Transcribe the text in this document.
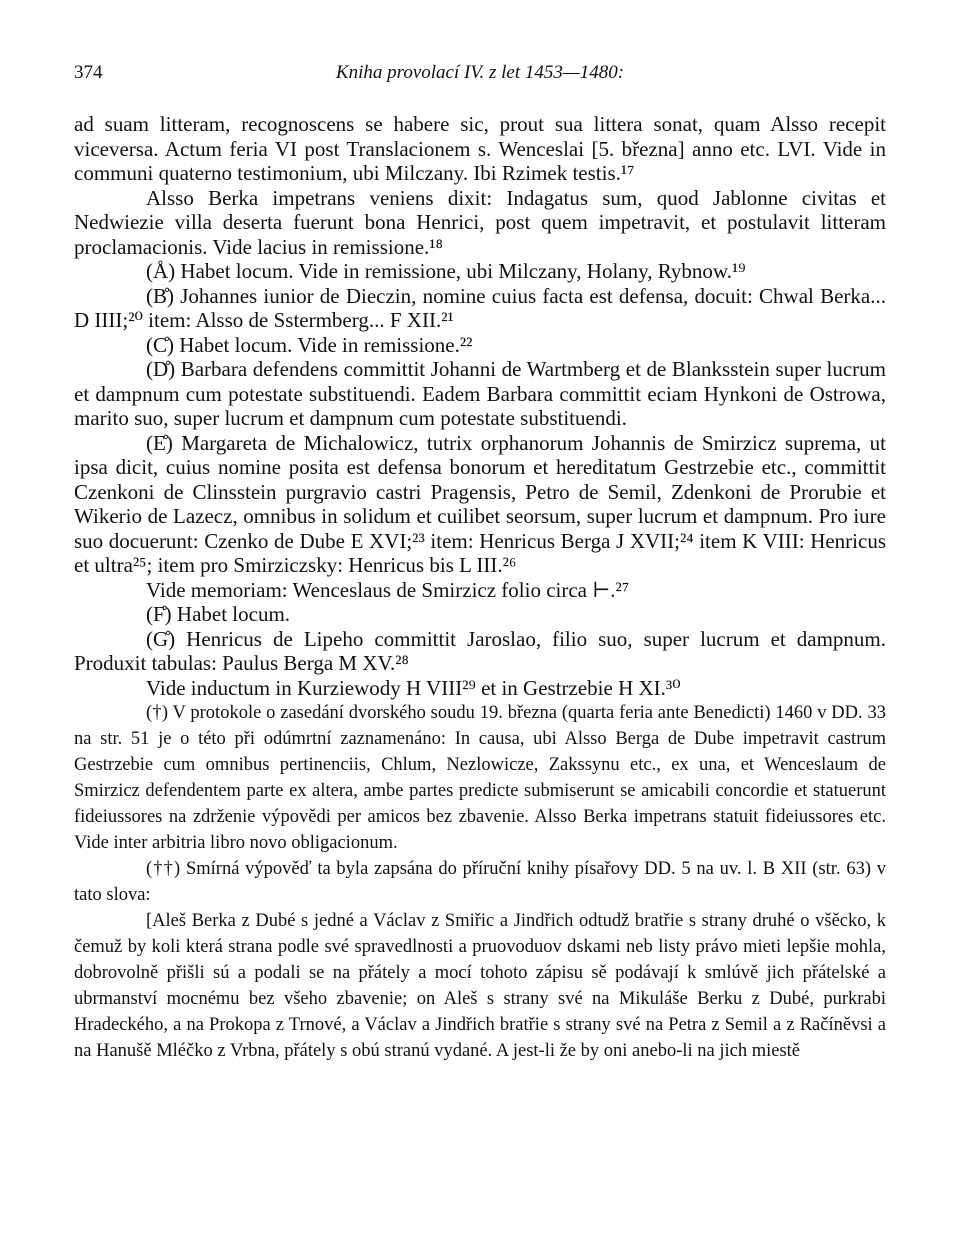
374	Kniha provolací IV. z let 1453—1480:

ad suam litteram, recognoscens se habere sic, prout sua littera sonat, quam Alsso recepit viceversa. Actum feria VI post Translacionem s. Wenceslai [5. března] anno etc. LVI. Vide in communi quaterno testimonium, ubi Milczany. Ibi Rzimek testis.¹⁷

Alsso Berka impetrans veniens dixit: Indagatus sum, quod Jablonne civitas et Nedwiezie villa deserta fuerunt bona Henrici, post quem impetravit, et postulavit litteram proclamacionis. Vide lacius in remissione.¹⁸

(Å) Habet locum. Vide in remissione, ubi Milczany, Holany, Rybnow.¹⁹

(B̊) Johannes iunior de Dieczin, nomine cuius facta est defensa, docuit: Chwal Berka... D IIII;²⁰ item: Alsso de Sstermberg... F XII.²¹

(C̊) Habet locum. Vide in remissione.²²

(D̊) Barbara defendens committit Johanni de Wartmberg et de Blanksstein super lucrum et dampnum cum potestate substituendi. Eadem Barbara committit eciam Hynkoni de Ostrowa, marito suo, super lucrum et dampnum cum potestate substituendi.

(E̊) Margareta de Michalowicz, tutrix orphanorum Johannis de Smirzicz suprema, ut ipsa dicit, cuius nomine posita est defensa bonorum et hereditatum Gestrzebie etc., committit Czenkoni de Clinsstein purgravio castri Pragensis, Petro de Semil, Zdenkoni de Prorubie et Wikerio de Lazecz, omnibus in solidum et cuilibet seorsum, super lucrum et dampnum. Pro iure suo docuerunt: Czenko de Dube E XVI;²³ item: Henricus Berga J XVII;²⁴ item K VIII: Henricus et ultra²⁵; item pro Smirziczsky: Henricus bis L III.²⁶

Vide memoriam: Wenceslaus de Smirzicz folio circa ⊢.²⁷

(F̊) Habet locum.

(G̊) Henricus de Lipeho committit Jaroslao, filio suo, super lucrum et dampnum. Produxit tabulas: Paulus Berga M XV.²⁸

Vide inductum in Kurziewody H VIII²⁹ et in Gestrzebie H XI.³⁰

(†) V protokole o zasedání dvorského soudu 19. března (quarta feria ante Benedicti) 1460 v DD. 33 na str. 51 je o této při odúmrtní zaznamenáno: In causa, ubi Alsso Berga de Dube impetravit castrum Gestrzebie cum omnibus pertinenciis, Chlum, Nezlowicze, Zakssynu etc., ex una, et Wenceslaum de Smirzicz defendentem parte ex altera, ambe partes predicte submiserunt se amicabili concordie et statuerunt fideiussores na zdrženie výpovědi per amicos bez zbavenie. Alsso Berka impetrans statuit fideiussores etc. Vide inter arbitria libro novo obligacionum.

(††) Smírná výpověď ta byla zapsána do příruční knihy písařovy DD. 5 na uv. l. B XII (str. 63) v tato slova:

[Aleš Berka z Dubé s jedné a Václav z Smiřic a Jindřich odtudž bratřie s strany druhé o všěcko, k čemuž by koli která strana podle své spravedlnosti a pruovoduov dskami neb listy právo mieti lepšie mohla, dobrovolně přišli sú a podali se na přátely a mocí tohoto zápisu sě podávají k smlúvě jich přátelské a ubrmanství mocnému bez všeho zbavenie; on Aleš s strany své na Mikuláše Berku z Dubé, purkrabi Hradeckého, a na Prokopa z Trnové, a Václav a Jindřich bratřie s strany své na Petra z Semil a z Račíněvsi a na Hanušě Mléčko z Vrbna, přátely s obú stranú vydané. A jest-li že by oni anebo-li na jich miestě
